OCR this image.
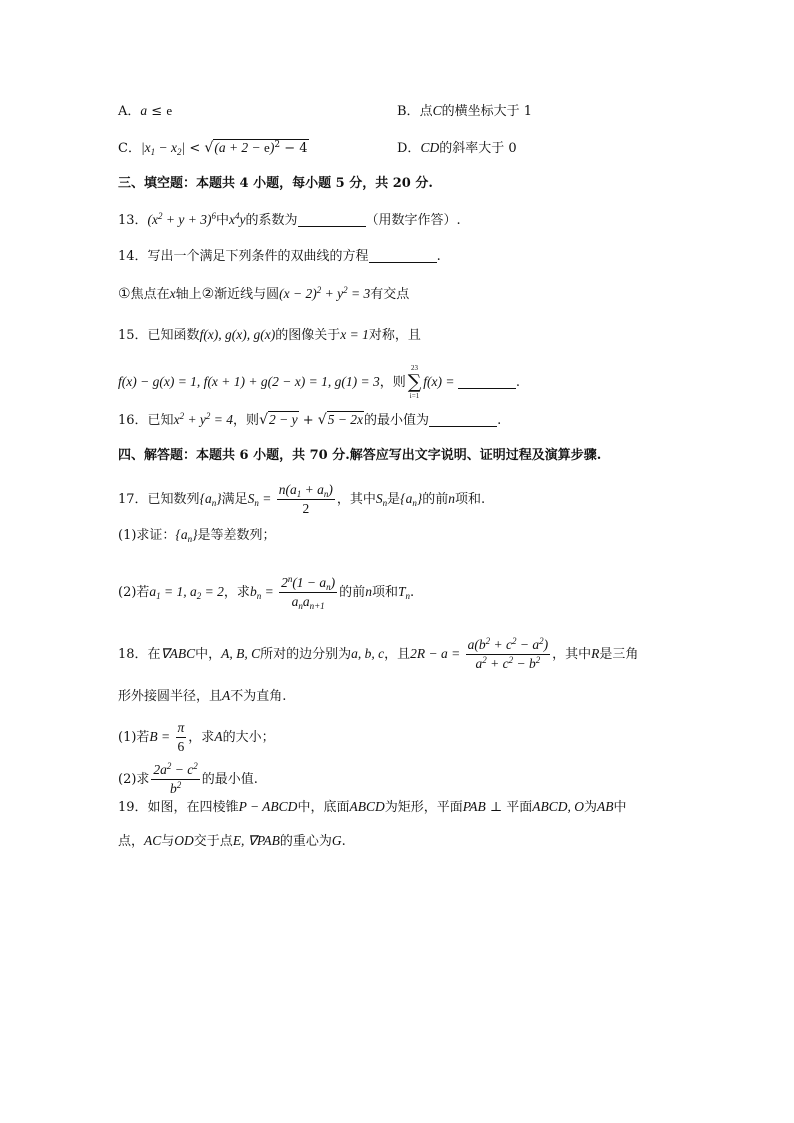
A．a ≤ e	B．点C的横坐标大于 1
C．$|x_1 - x_2| < √(a + 2 - e)^2 - 4$	D．CD的斜率大于 0
三、填空题：本题共 4 小题，每小题 5 分，共 20 分.
13．$(x^2 + y + 3)^6$中$x^4y$的系数为	（用数字作答）.
14．写出一个满足下列条件的双曲线的方程	.
①焦点在x轴上②渐近线与圆$(x - 2)^2 + y^2 = 3$有交点
15．已知函数f(x), g(x), g(x)的图像关于x = 1对称，且
f(x) − g(x) = 1, f(x + 1) + g(2 − x) = 1, g(1) = 3，则
23
∑
i=1
f(x) =	.
16．已知$x^2 + y^2 = 4$，则√2 − y + √5 − 2x的最小值为	.
四、解答题：本题共 6 小题，共 70 分.解答应写出文字说明、证明过程及演算步骤.
17．已知数列$\{a_n\}$满足$S_n = \frac{n(a_1 + a_n)}{2}$ ，其中$S_n$是$\{a_n\}$的前n项和.
(1)求证：$\{a_n\}$是等差数列；
(2)若$a_1 = 1$, $a_2 = 2$，求$b_n = \frac{2^n(1 - a_n)}{a_na_{n+1}}$ 的前n项和$T_n$.
18．在∇ABC中，A, B, C所对的边分别为a, b, c，且$2R - a = \frac{a(b^2 + c^2 - a^2)}{a^2 + c^2 - b^2}$ ，其中R是三角
形外接圆半径，且A不为直角.
(1)若$B = \frac{\pi}{6}$ ，求A的大小；
(2)求 $\frac{2a^2 - c^2}{b^2}$ 的最小值.
19．如图，在四棱锥P − ABCD中，底面ABCD为矩形，平面PAB ⊥ 平面ABCD, O为AB中
点，AC与OD交于点E, ∇PAB的重心为G.
